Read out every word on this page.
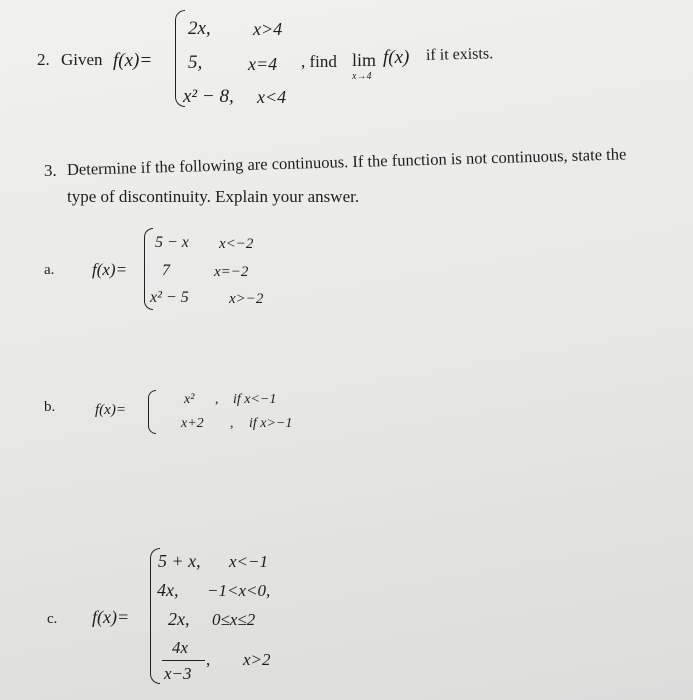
2. Given f(x)=
2x, x>4
5,	x=4
x² − 8, x<4
, find lim
x→4
f(x) if it exists.
3. Determine if the following are continuous. If the function is not continuous, state the
type of discontinuity. Explain your answer.
a. f(x)=
5 − x x<−2
7	x=−2
x² − 5	x>−2
b.	f(x)=
x² , if x<−1
x+2 , if x>−1
c. f(x)=
5 + x, x<−1
4x, −1<x<0,
2x, 0≤x≤2
4x
x−3
, x>2
